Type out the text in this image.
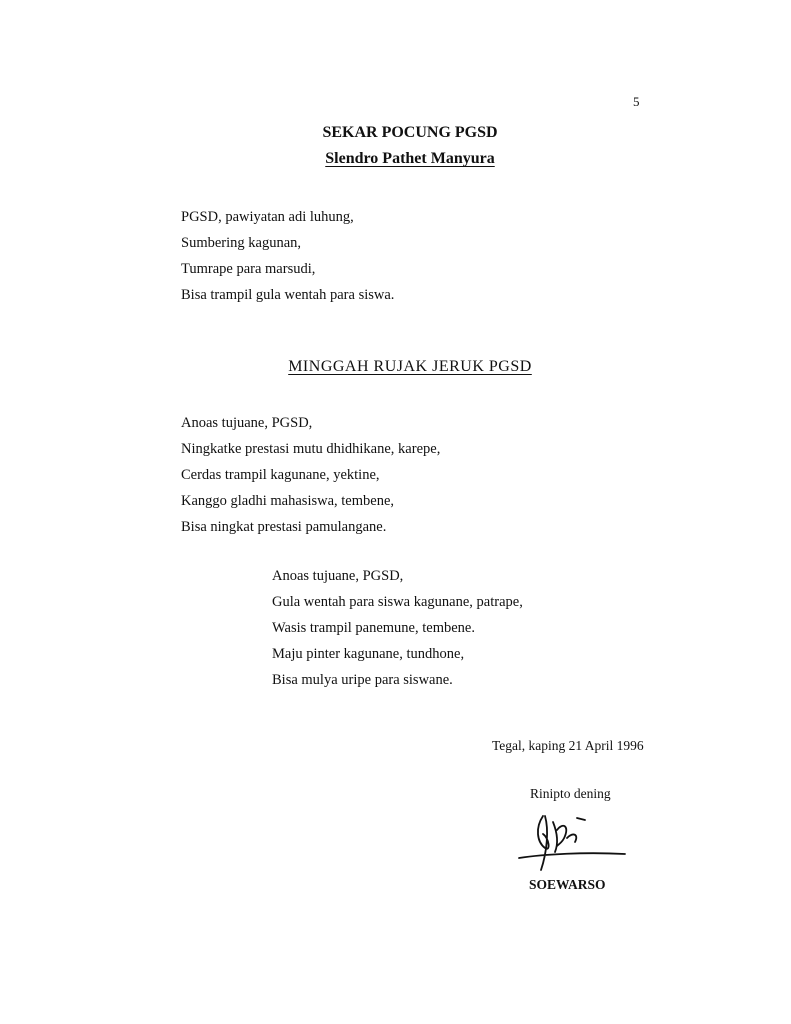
5
SEKAR POCUNG PGSD
Slendro Pathet Manyura
PGSD, pawiyatan adi luhung,
Sumbering kagunan,
Tumrape para marsudi,
Bisa trampil gula wentah para siswa.
MINGGAH RUJAK JERUK PGSD
Anoas tujuane, PGSD,
Ningkatke prestasi mutu dhidhikane, karepe,
Cerdas trampil kagunane, yektine,
Kanggo gladhi mahasiswa, tembene,
Bisa ningkat prestasi pamulangane.
Anoas tujuane, PGSD,
Gula wentah para siswa kagunane, patrape,
Wasis trampil panemune, tembene.
Maju pinter kagunane, tundhone,
Bisa mulya uripe para siswane.
Tegal, kaping 21 April 1996
Rinipto dening
SOEWARSO
